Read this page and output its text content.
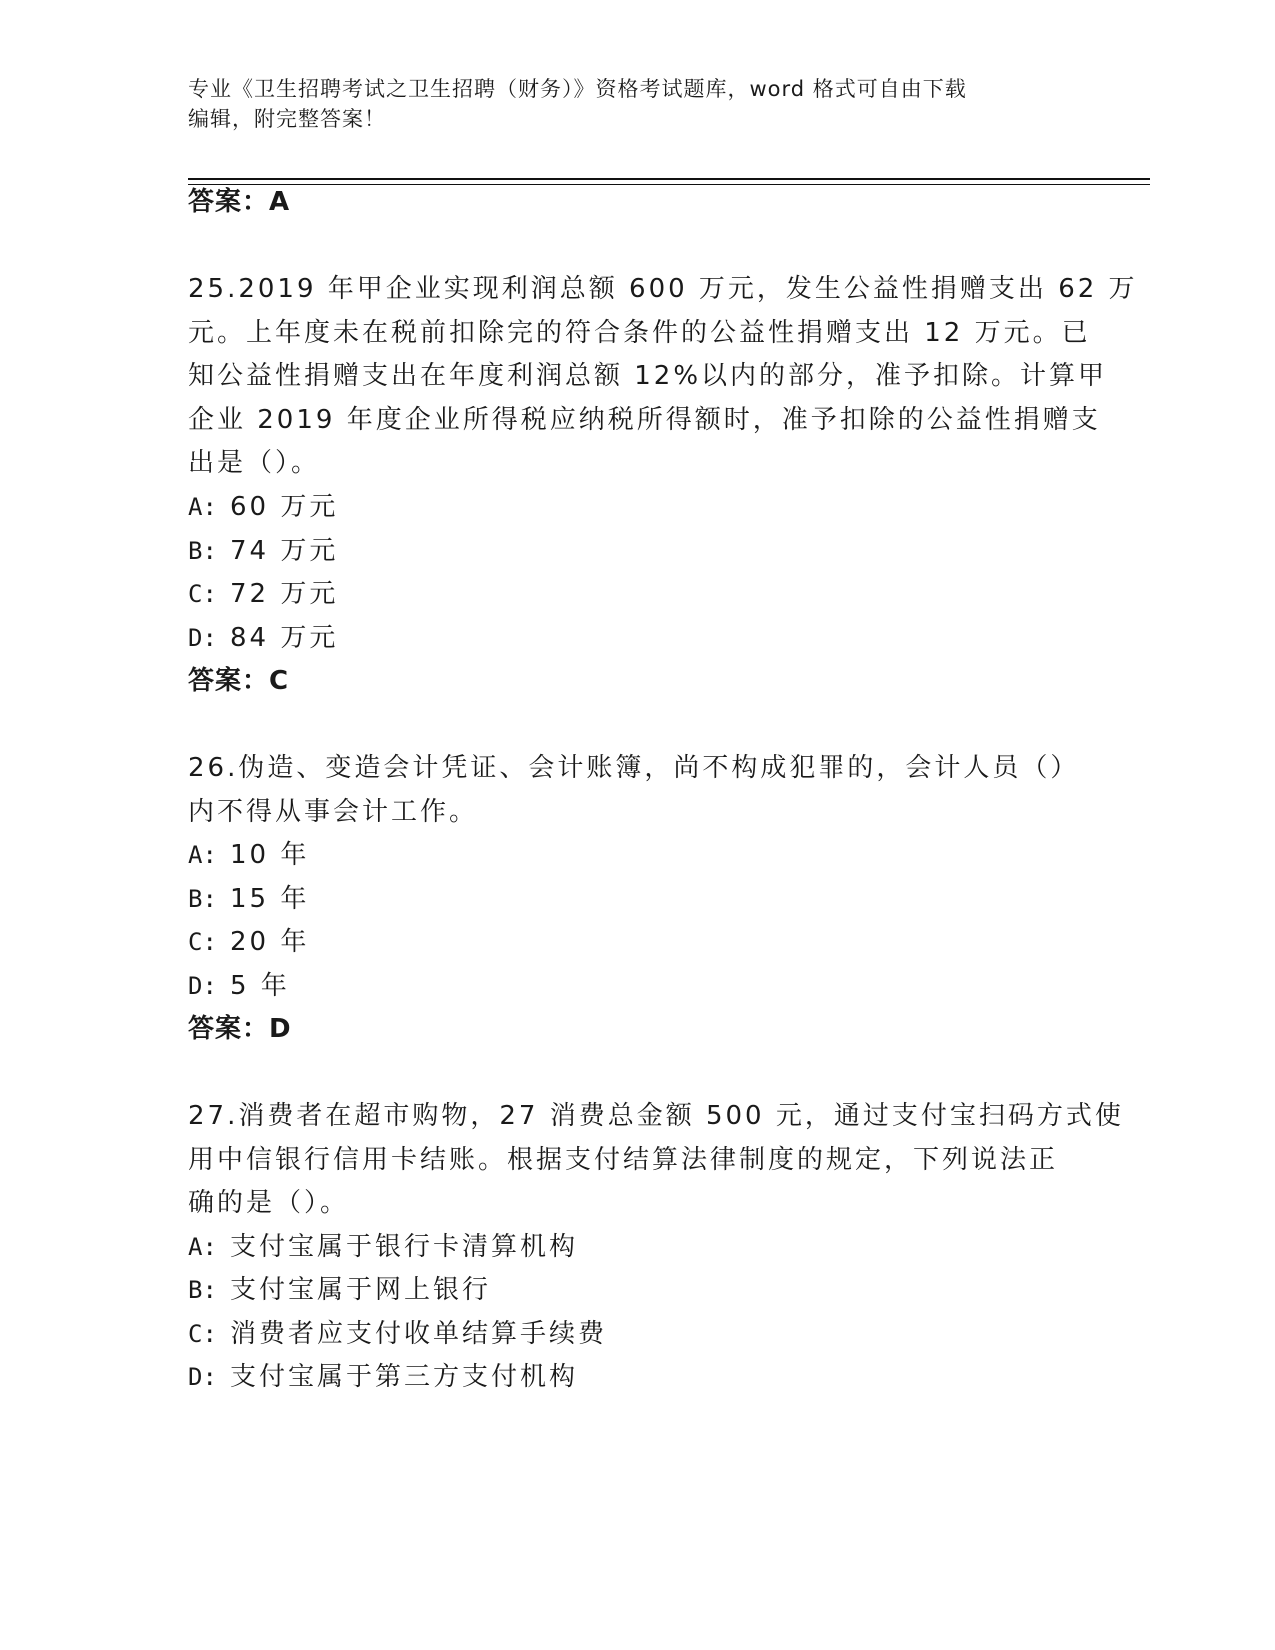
专业《卫生招聘考试之卫生招聘（财务）》资格考试题库，word 格式可自由下载
编辑，附完整答案！
答案：A
25.2019 年甲企业实现利润总额 600 万元，发生公益性捐赠支出 62 万
元。上年度未在税前扣除完的符合条件的公益性捐赠支出 12 万元。已
知公益性捐赠支出在年度利润总额 12%以内的部分，准予扣除。计算甲
企业 2019 年度企业所得税应纳税所得额时，准予扣除的公益性捐赠支
出是（）。
A: 60 万元
B: 74 万元
C: 72 万元
D: 84 万元
答案：C
26.伪造、变造会计凭证、会计账簿，尚不构成犯罪的，会计人员（）
内不得从事会计工作。
A: 10 年
B: 15 年
C: 20 年
D: 5 年
答案：D
27.消费者在超市购物，27 消费总金额 500 元，通过支付宝扫码方式使
用中信银行信用卡结账。根据支付结算法律制度的规定，下列说法正
确的是（）。
A: 支付宝属于银行卡清算机构
B: 支付宝属于网上银行
C: 消费者应支付收单结算手续费
D: 支付宝属于第三方支付机构
